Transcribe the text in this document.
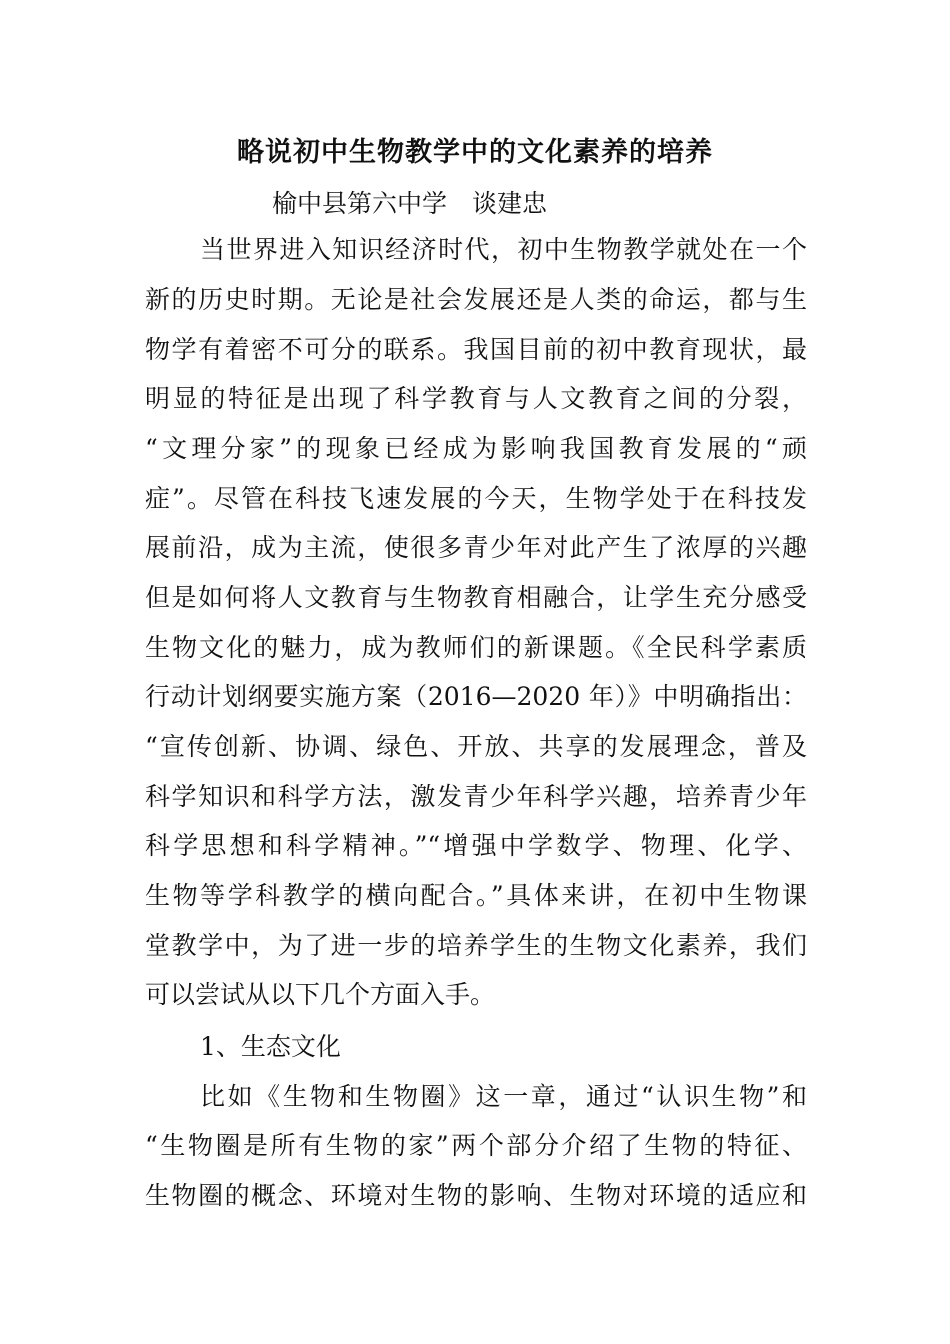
略说初中生物教学中的文化素养的培养
榆中县第六中学　谈建忠
当世界进入知识经济时代，初中生物教学就处在一个
新的历史时期。无论是社会发展还是人类的命运，都与生
物学有着密不可分的联系。我国目前的初中教育现状，最
明显的特征是出现了科学教育与人文教育之间的分裂，
“文理分家”的现象已经成为影响我国教育发展的“顽
症”。尽管在科技飞速发展的今天，生物学处于在科技发
展前沿，成为主流，使很多青少年对此产生了浓厚的兴趣
但是如何将人文教育与生物教育相融合，让学生充分感受
生物文化的魅力，成为教师们的新课题。《全民科学素质
行动计划纲要实施方案（2016—2020 年）》中明确指出：
“宣传创新、协调、绿色、开放、共享的发展理念，普及
科学知识和科学方法，激发青少年科学兴趣，培养青少年
科学思想和科学精神。”“增强中学数学、物理、化学、
生物等学科教学的横向配合。”具体来讲，在初中生物课
堂教学中，为了进一步的培养学生的生物文化素养，我们
可以尝试从以下几个方面入手。
1、生态文化
比如《生物和生物圈》这一章，通过“认识生物”和
“生物圈是所有生物的家”两个部分介绍了生物的特征、
生物圈的概念、环境对生物的影响、生物对环境的适应和
